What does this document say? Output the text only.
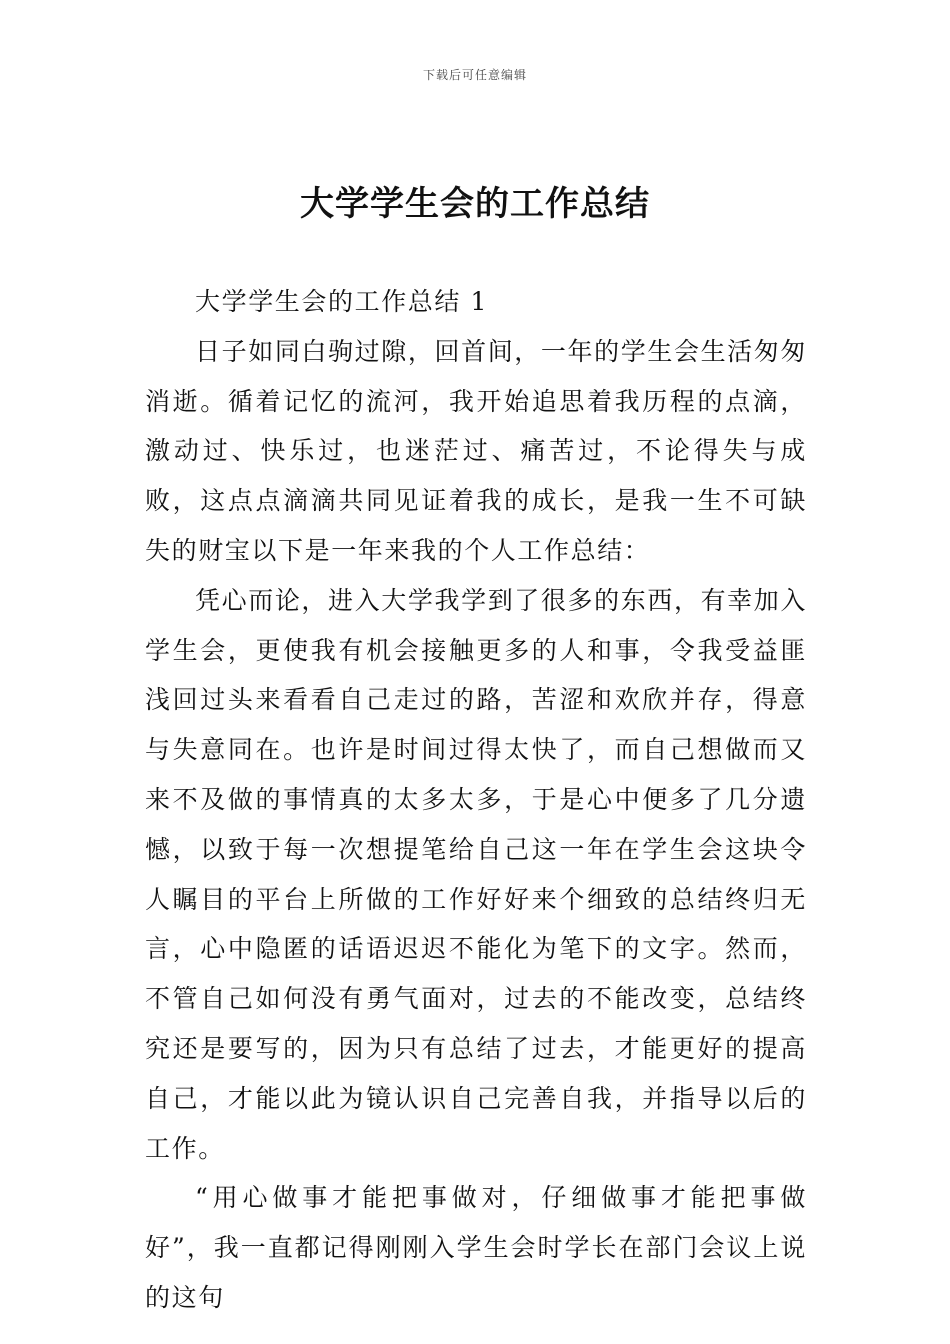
下载后可任意编辑
大学学生会的工作总结

大学学生会的工作总结 1

日子如同白驹过隙，回首间，一年的学生会生活匆匆消逝。循着记忆的流河，我开始追思着我历程的点滴，激动过、快乐过，也迷茫过、痛苦过，不论得失与成败，这点点滴滴共同见证着我的成长，是我一生不可缺失的财宝以下是一年来我的个人工作总结：

凭心而论，进入大学我学到了很多的东西，有幸加入学生会，更使我有机会接触更多的人和事，令我受益匪浅回过头来看看自己走过的路，苦涩和欢欣并存，得意与失意同在。也许是时间过得太快了，而自己想做而又来不及做的事情真的太多太多，于是心中便多了几分遗憾，以致于每一次想提笔给自己这一年在学生会这块令人瞩目的平台上所做的工作好好来个细致的总结终归无言，心中隐匿的话语迟迟不能化为笔下的文字。然而，不管自己如何没有勇气面对，过去的不能改变，总结终究还是要写的，因为只有总结了过去，才能更好的提高自己，才能以此为镜认识自己完善自我，并指导以后的工作。

“用心做事才能把事做对，仔细做事才能把事做好”，我一直都记得刚刚入学生会时学长在部门会议上说的这句
